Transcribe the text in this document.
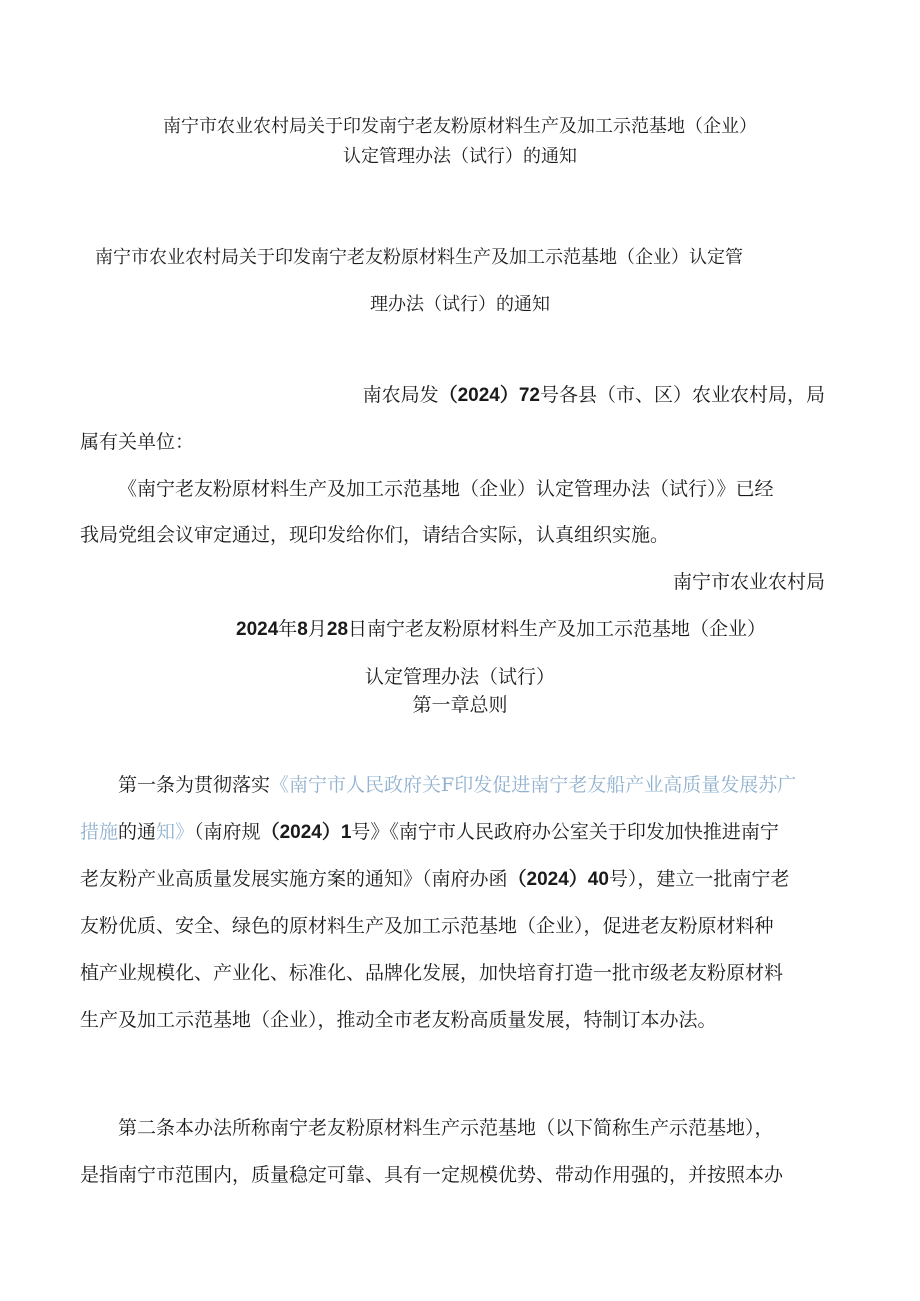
南宁市农业农村局关于印发南宁老友粉原材料生产及加工示范基地（企业）
认定管理办法（试行）的通知
南宁市农业农村局关于印发南宁老友粉原材料生产及加工示范基地（企业）认定管
理办法（试行）的通知
南农局发（2024）72号各县（市、区）农业农村局，局
属有关单位：
《南宁老友粉原材料生产及加工示范基地（企业）认定管理办法（试行）》已经
我局党组会议审定通过，现印发给你们，请结合实际，认真组织实施。
南宁市农业农村局
2024年8月28日南宁老友粉原材料生产及加工示范基地（企业）
认定管理办法（试行）
第一章总则
第一条为贯彻落实《南宁市人民政府关F印发促进南宁老友船产业高质量发展苏广
措施的通知》（南府规（2024）1号》《南宁市人民政府办公室关于印发加快推进南宁
老友粉产业高质量发展实施方案的通知》（南府办函（2024）40号），建立一批南宁老
友粉优质、安全、绿色的原材料生产及加工示范基地（企业），促进老友粉原材料种
植产业规模化、产业化、标准化、品牌化发展，加快培育打造一批市级老友粉原材料
生产及加工示范基地（企业），推动全市老友粉高质量发展，特制订本办法。
第二条本办法所称南宁老友粉原材料生产示范基地（以下简称生产示范基地），
是指南宁市范围内，质量稳定可靠、具有一定规模优势、带动作用强的，并按照本办
